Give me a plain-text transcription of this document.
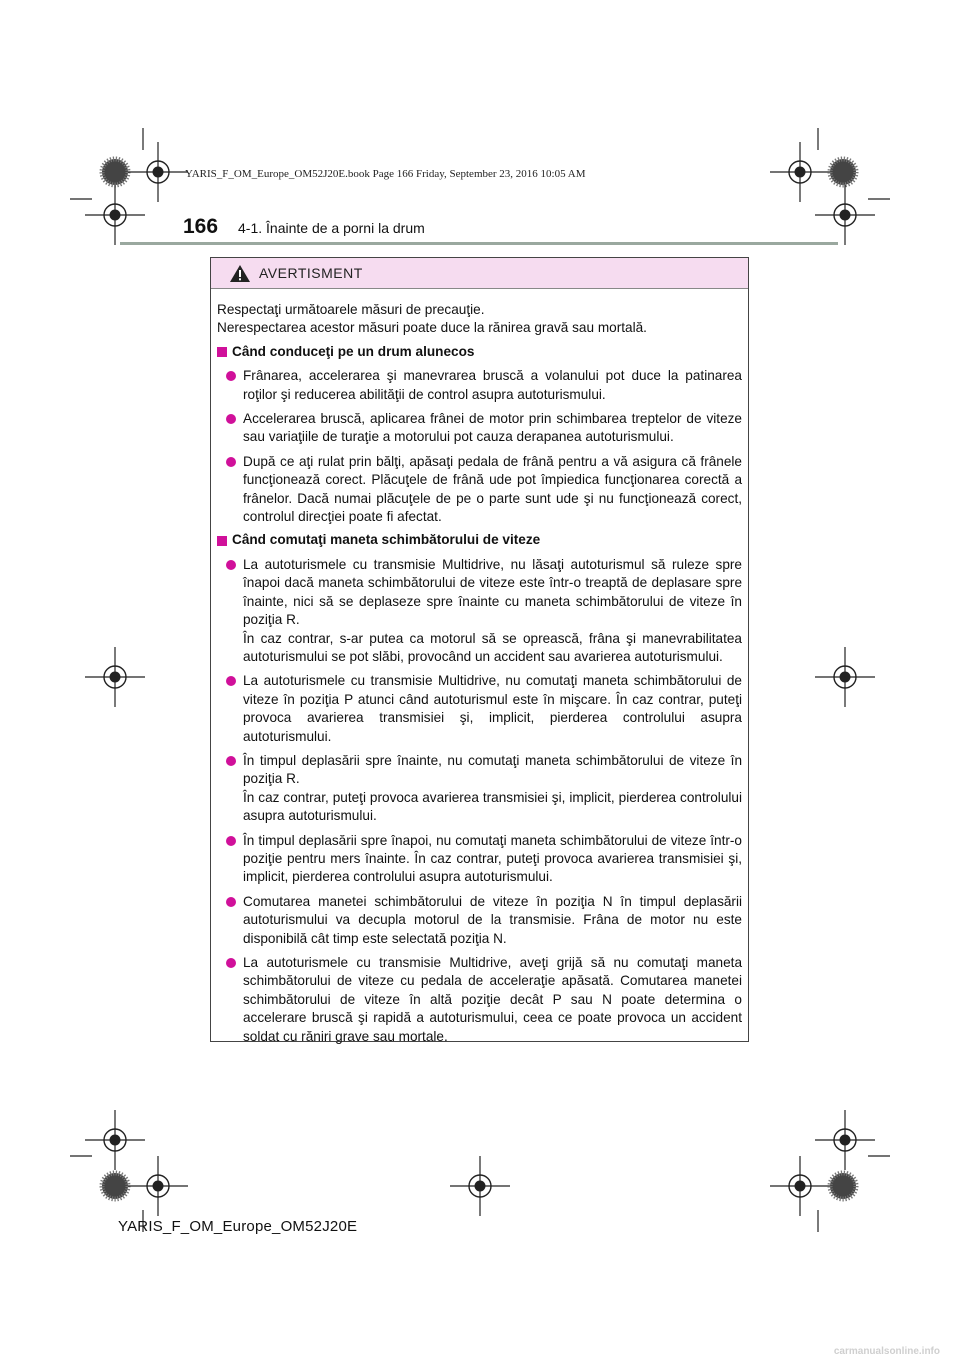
YARIS_F_OM_Europe_OM52J20E.book Page 166 Friday, September 23, 2016 10:05 AM
166 4-1. Înainte de a porni la drum
AVERTISMENT

Respectaţi următoarele măsuri de precauţie.

Nerespectarea acestor măsuri poate duce la rănirea gravă sau mortală.

Când conduceţi pe un drum alunecos
Frânarea, accelerarea şi manevrarea bruscă a volanului pot duce la patinarea roţilor şi reducerea abilităţii de control asupra autoturismului.
Accelerarea bruscă, aplicarea frânei de motor prin schimbarea treptelor de viteze sau variaţiile de turaţie a motorului pot cauza derapanea autoturismului.
După ce aţi rulat prin bălţi, apăsaţi pedala de frână pentru a vă asigura că frânele funcţionează corect. Plăcuţele de frână ude pot împiedica funcţionarea corectă a frânelor. Dacă numai plăcuţele de pe o parte sunt ude şi nu funcţionează corect, controlul direcţiei poate fi afectat.
Când comutaţi maneta schimbătorului de viteze
La autoturismele cu transmisie Multidrive, nu lăsaţi autoturismul să ruleze spre înapoi dacă maneta schimbătorului de viteze este într-o treaptă de deplasare spre înainte, nici să se deplaseze spre înainte cu maneta schimbătorului de viteze în poziţia R.
În caz contrar, s-ar putea ca motorul să se oprească, frâna şi manevrabilitatea autoturismului se pot slăbi, provocând un accident sau avarierea autoturismului.
La autoturismele cu transmisie Multidrive, nu comutaţi maneta schimbătorului de viteze în poziţia P atunci când autoturismul este în mişcare. În caz contrar, puteţi provoca avarierea transmisiei şi, implicit, pierderea controlului asupra autoturismului.
În timpul deplasării spre înainte, nu comutaţi maneta schimbătorului de viteze în poziţia R.
În caz contrar, puteţi provoca avarierea transmisiei şi, implicit, pierderea controlului asupra autoturismului.
În timpul deplasării spre înapoi, nu comutaţi maneta schimbătorului de viteze într-o poziţie pentru mers înainte. În caz contrar, puteţi provoca avarierea transmisiei şi, implicit, pierderea controlului asupra autoturismului.
Comutarea manetei schimbătorului de viteze în poziţia N în timpul deplasării autoturismului va decupla motorul de la transmisie. Frâna de motor nu este disponibilă cât timp este selectată poziţia N.
La autoturismele cu transmisie Multidrive, aveţi grijă să nu comutaţi maneta schimbătorului de viteze cu pedala de acceleraţie apăsată. Comutarea manetei schimbătorului de viteze în altă poziţie decât P sau N poate determina o accelerare bruscă şi rapidă a autoturismului, ceea ce poate provoca un accident soldat cu răniri grave sau mortale.
YARIS_F_OM_Europe_OM52J20E
carmanualsonline.info
